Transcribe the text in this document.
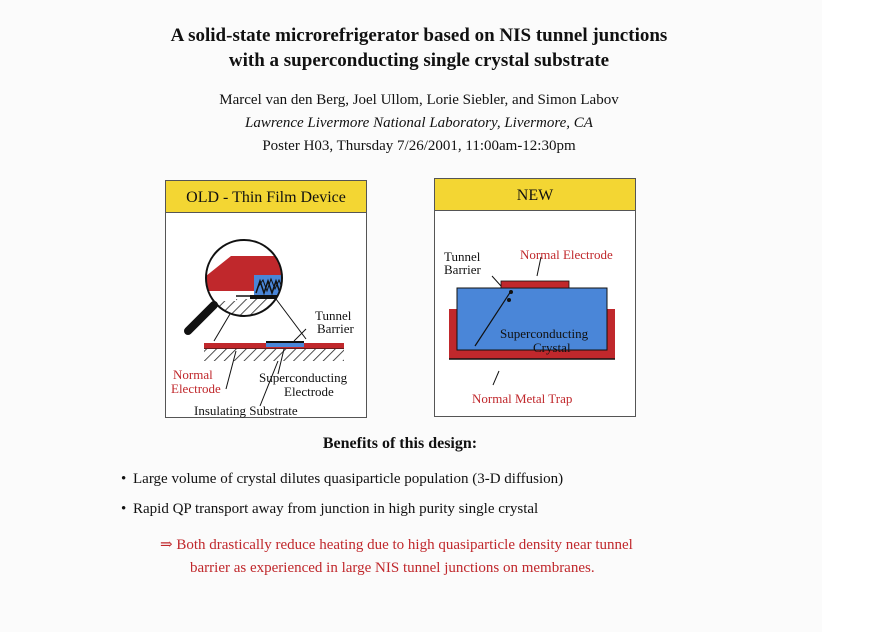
A solid-state microrefrigerator based on NIS tunnel junctions
with a superconducting single crystal substrate
Marcel van den Berg, Joel Ullom, Lorie Siebler, and Simon Labov
Lawrence Livermore National Laboratory, Livermore, CA
Poster H03, Thursday 7/26/2001, 11:00am-12:30pm
OLD - Thin Film Device
Tunnel
Barrier
Normal
Electrode
Superconducting
Electrode
Insulating Substrate
NEW
Tunnel
Barrier
Normal Electrode
Superconducting
Crystal
Normal Metal Trap
Benefits of this design:
• Large volume of crystal dilutes quasiparticle population (3-D diffusion)
• Rapid QP transport away from junction in high purity single crystal
⇒ Both drastically reduce heating due to high quasiparticle density near tunnel
barrier as experienced in large NIS tunnel junctions on membranes.
